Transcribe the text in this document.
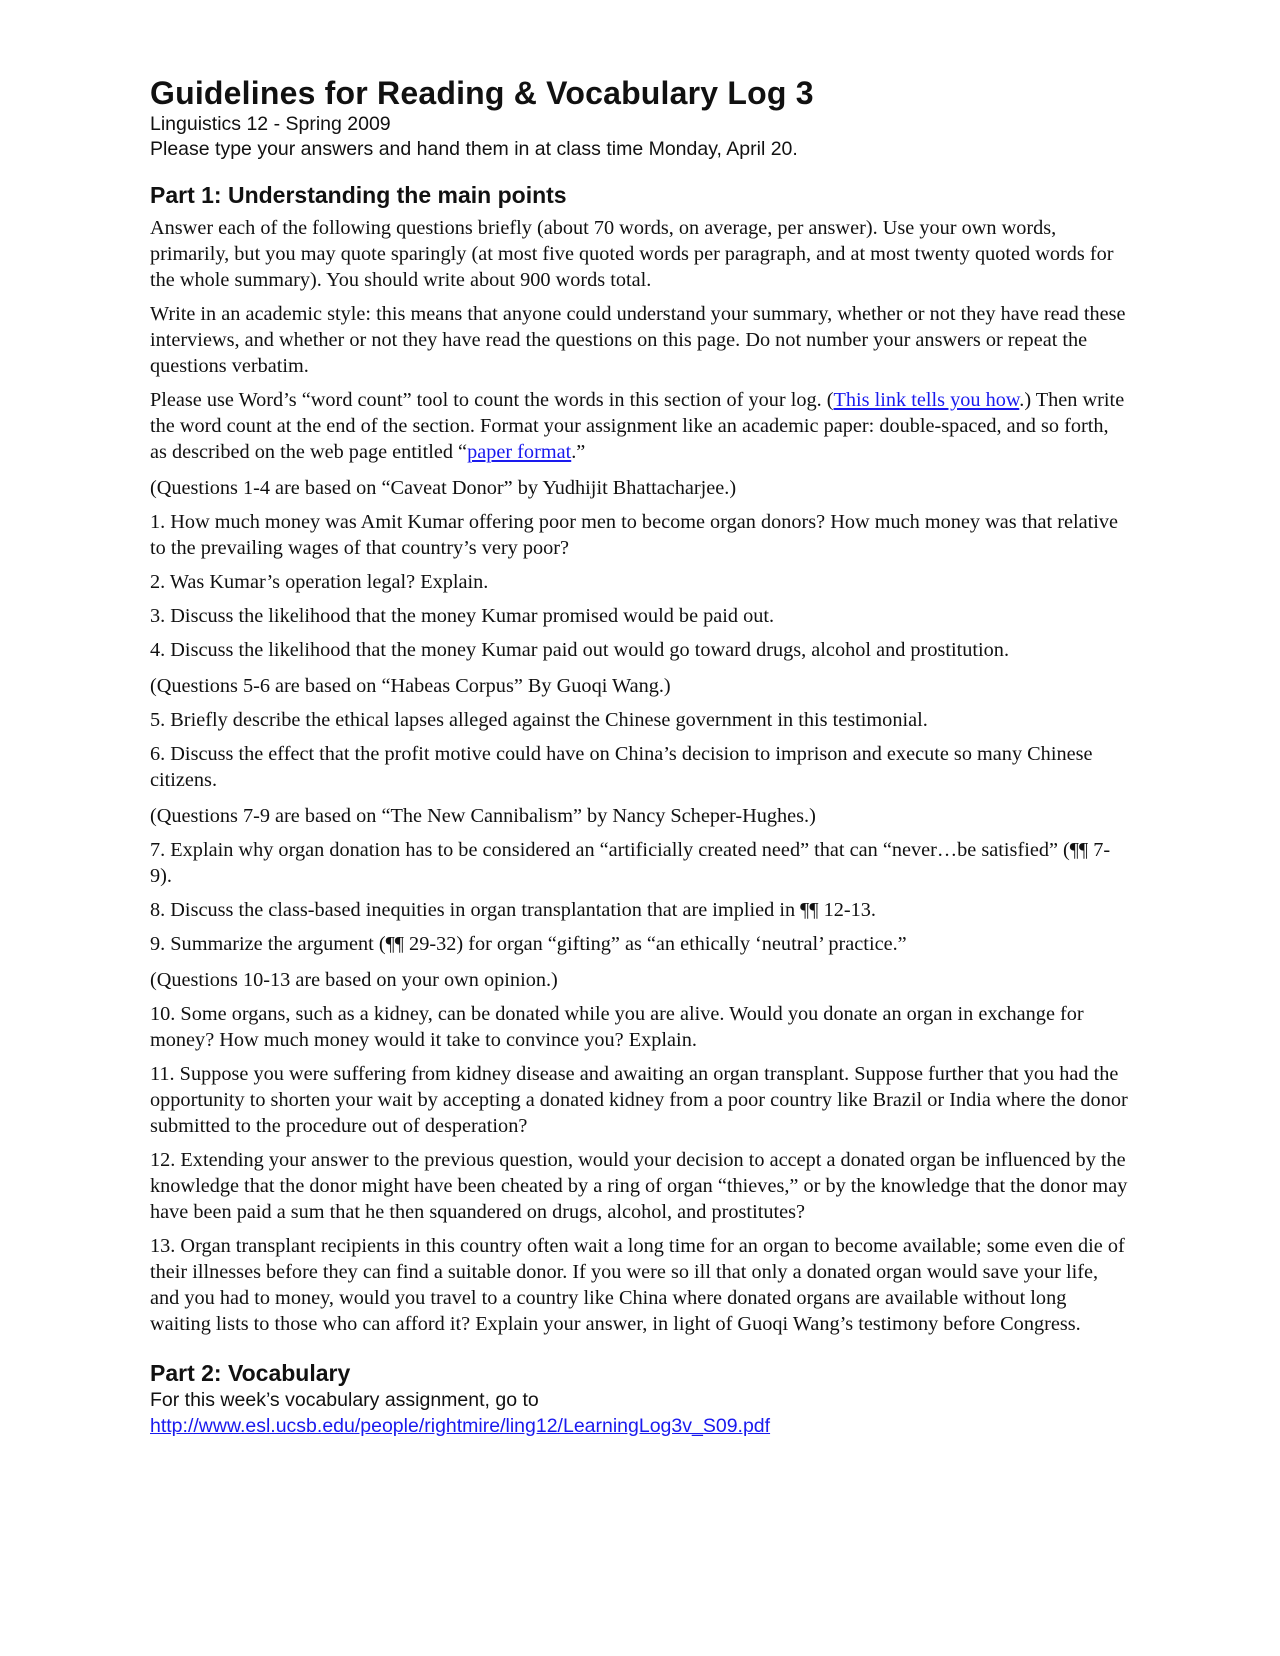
Guidelines for Reading & Vocabulary Log 3

Linguistics 12 - Spring 2009

Please type your answers and hand them in at class time Monday, April 20.

Part 1: Understanding the main points

Answer each of the following questions briefly (about 70 words, on average, per answer). Use your own words, primarily, but you may quote sparingly (at most five quoted words per paragraph, and at most twenty quoted words for the whole summary). You should write about 900 words total.

Write in an academic style: this means that anyone could understand your summary, whether or not they have read these interviews, and whether or not they have read the questions on this page. Do not number your answers or repeat the questions verbatim.

Please use Word’s “word count” tool to count the words in this section of your log. (This link tells you how.) Then write the word count at the end of the section. Format your assignment like an academic paper: double-spaced, and so forth, as described on the web page entitled “paper format.”

(Questions 1-4 are based on “Caveat Donor” by Yudhijit Bhattacharjee.)

1. How much money was Amit Kumar offering poor men to become organ donors? How much money was that relative to the prevailing wages of that country’s very poor?

2. Was Kumar’s operation legal? Explain.

3. Discuss the likelihood that the money Kumar promised would be paid out.

4. Discuss the likelihood that the money Kumar paid out would go toward drugs, alcohol and prostitution.

(Questions 5-6 are based on “Habeas Corpus” By Guoqi Wang.)

5. Briefly describe the ethical lapses alleged against the Chinese government in this testimonial.

6. Discuss the effect that the profit motive could have on China’s decision to imprison and execute so many Chinese citizens.

(Questions 7-9 are based on “The New Cannibalism” by Nancy Scheper-Hughes.)

7. Explain why organ donation has to be considered an “artificially created need” that can “never…be satisfied” (¶¶ 7-9).

8. Discuss the class-based inequities in organ transplantation that are implied in ¶¶ 12-13.

9. Summarize the argument (¶¶ 29-32) for organ “gifting” as “an ethically ‘neutral’ practice.”

(Questions 10-13 are based on your own opinion.)

10. Some organs, such as a kidney, can be donated while you are alive. Would you donate an organ in exchange for money? How much money would it take to convince you? Explain.

11. Suppose you were suffering from kidney disease and awaiting an organ transplant. Suppose further that you had the opportunity to shorten your wait by accepting a donated kidney from a poor country like Brazil or India where the donor submitted to the procedure out of desperation?

12. Extending your answer to the previous question, would your decision to accept a donated organ be influenced by the knowledge that the donor might have been cheated by a ring of organ “thieves,” or by the knowledge that the donor may have been paid a sum that he then squandered on drugs, alcohol, and prostitutes?

13. Organ transplant recipients in this country often wait a long time for an organ to become available; some even die of their illnesses before they can find a suitable donor. If you were so ill that only a donated organ would save your life, and you had to money, would you travel to a country like China where donated organs are available without long waiting lists to those who can afford it? Explain your answer, in light of Guoqi Wang’s testimony before Congress.

Part 2: Vocabulary

For this week’s vocabulary assignment, go to

http://www.esl.ucsb.edu/people/rightmire/ling12/LearningLog3v_S09.pdf
